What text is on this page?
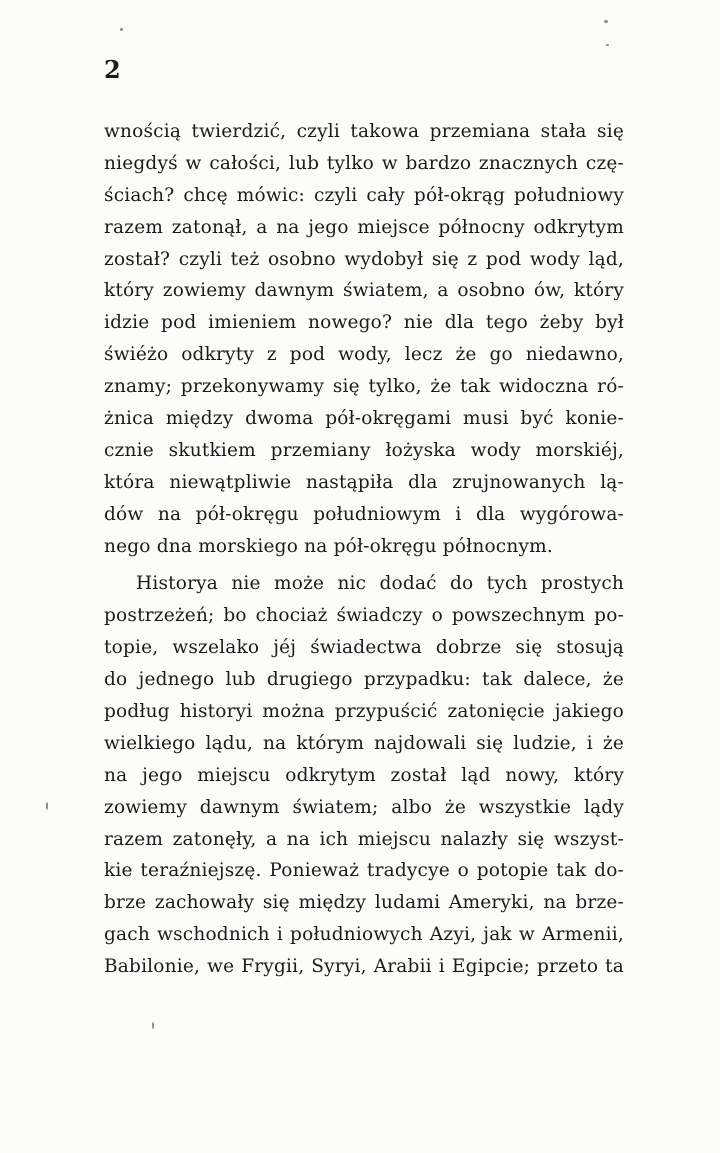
2
wnością twierdzić, czyli takowa przemiana stała się
niegdyś w całości, lub tylko w bardzo znacznych czę-
ściach? chcę mówic: czyli cały pół-okrąg południowy
razem zatonął, a na jego miejsce północny odkrytym
został? czyli też osobno wydobył się z pod wody ląd,
który zowiemy dawnym światem, a osobno ów, który
idzie pod imieniem nowego? nie dla tego żeby był
świéżo odkryty z pod wody, lecz że go niedawno,
znamy; przekonywamy się tylko, że tak widoczna ró-
żnica między dwoma pół-okręgami musi być konie-
cznie skutkiem przemiany łożyska wody morskiéj,
która niewątpliwie nastąpiła dla zrujnowanych lą-
dów na pół-okręgu południowym i dla wygórowa-
nego dna morskiego na pół-okręgu północnym.
Historya nie może nic dodać do tych prostych
postrzeżeń; bo chociaż świadczy o powszechnym po-
topie, wszelako jéj świadectwa dobrze się stosują
do jednego lub drugiego przypadku: tak dalece, że
podług historyi można przypuścić zatonięcie jakiego
wielkiego lądu, na którym najdowali się ludzie, i że
na jego miejscu odkrytym został ląd nowy, który
zowiemy dawnym światem; albo że wszystkie lądy
razem zatonęły, a na ich miejscu nalazły się wszyst-
kie teraźniejszę. Ponieważ tradycye o potopie tak do-
brze zachowały się między ludami Ameryki, na brze-
gach wschodnich i południowych Azyi, jak w Armenii,
Babilonie, we Frygii, Syryi, Arabii i Egipcie; przeto ta
